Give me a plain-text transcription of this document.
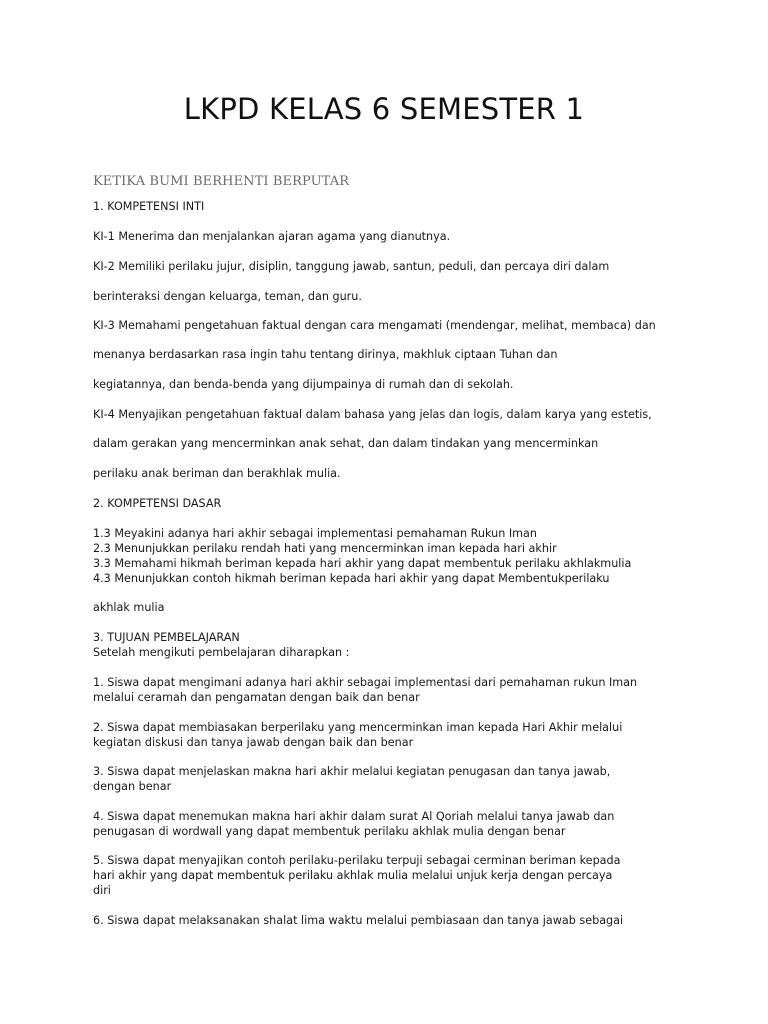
LKPD KELAS 6 SEMESTER 1
KETIKA BUMI BERHENTI BERPUTAR
1. KOMPETENSI INTI
KI-1 Menerima dan menjalankan ajaran agama yang dianutnya.
KI-2 Memiliki perilaku jujur, disiplin, tanggung jawab, santun, peduli, dan percaya diri dalam
berinteraksi dengan keluarga, teman, dan guru.
KI-3 Memahami pengetahuan faktual dengan cara mengamati (mendengar, melihat, membaca) dan
menanya berdasarkan rasa ingin tahu tentang dirinya, makhluk ciptaan Tuhan dan
kegiatannya, dan benda-benda yang dijumpainya di rumah dan di sekolah.
KI-4 Menyajikan pengetahuan faktual dalam bahasa yang jelas dan logis, dalam karya yang estetis,
dalam gerakan yang mencerminkan anak sehat, dan dalam tindakan yang mencerminkan
perilaku anak beriman dan berakhlak mulia.
2. KOMPETENSI DASAR
1.3 Meyakini adanya hari akhir sebagai implementasi pemahaman Rukun Iman
2.3 Menunjukkan perilaku rendah hati yang mencerminkan iman kepada hari akhir
3.3 Memahami hikmah beriman kepada hari akhir yang dapat membentuk perilaku akhlakmulia
4.3 Menunjukkan contoh hikmah beriman kepada hari akhir yang dapat Membentukperilaku
akhlak mulia
3. TUJUAN PEMBELAJARAN
Setelah mengikuti pembelajaran diharapkan :
1. Siswa dapat mengimani adanya hari akhir sebagai implementasi dari pemahaman rukun Iman
melalui ceramah dan pengamatan dengan baik dan benar
2. Siswa dapat membiasakan berperilaku yang mencerminkan iman kepada Hari Akhir melalui
kegiatan diskusi dan tanya jawab dengan baik dan benar
3. Siswa dapat menjelaskan makna hari akhir melalui kegiatan penugasan dan tanya jawab,
dengan benar
4. Siswa dapat menemukan makna hari akhir dalam surat Al Qoriah melalui tanya jawab dan
penugasan di wordwall yang dapat membentuk perilaku akhlak mulia dengan benar
5. Siswa dapat menyajikan contoh perilaku-perilaku terpuji sebagai cerminan beriman kepada
hari akhir yang dapat membentuk perilaku akhlak mulia melalui unjuk kerja dengan percaya
diri
6. Siswa dapat melaksanakan shalat lima waktu melalui pembiasaan dan tanya jawab sebagai
